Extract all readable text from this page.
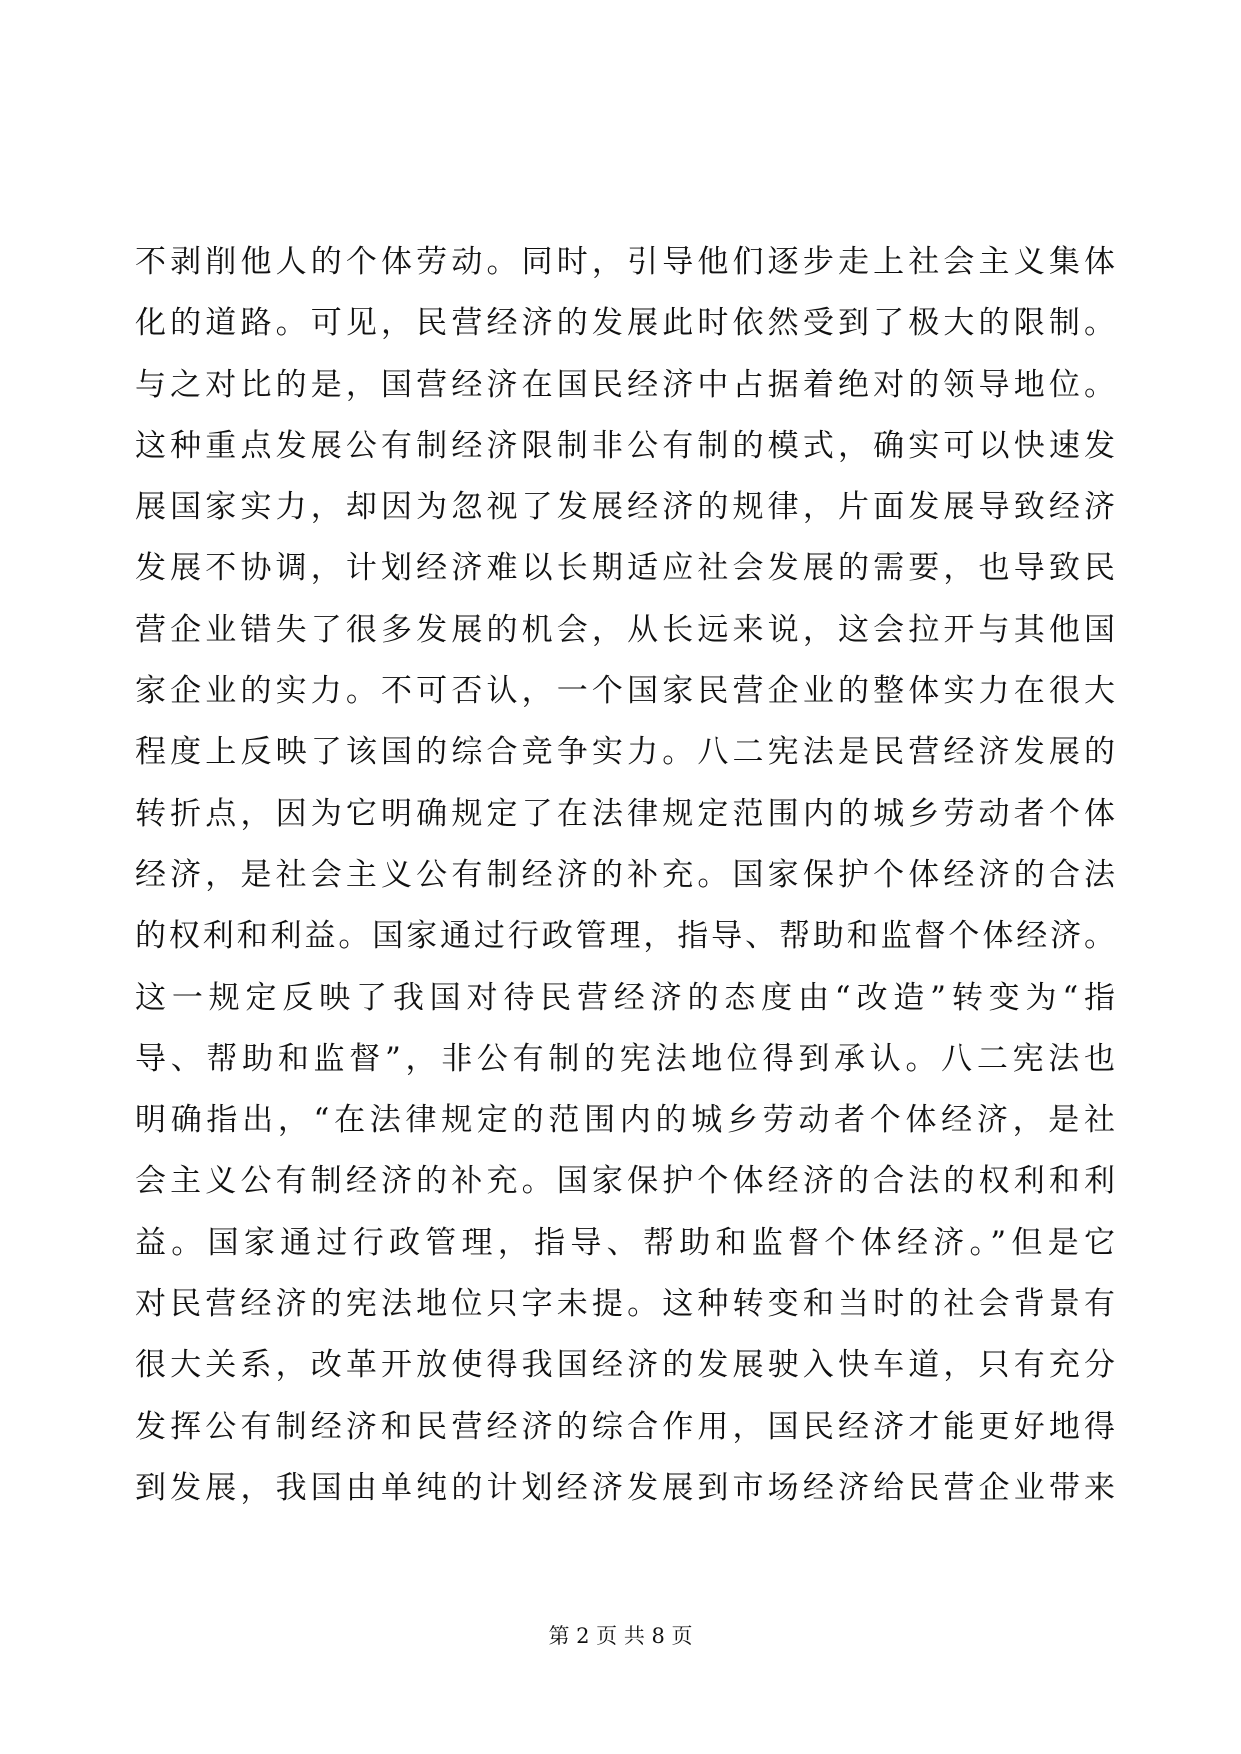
不剥削他人的个体劳动。同时，引导他们逐步走上社会主义集体
化的道路。可见，民营经济的发展此时依然受到了极大的限制。
与之对比的是，国营经济在国民经济中占据着绝对的领导地位。
这种重点发展公有制经济限制非公有制的模式，确实可以快速发
展国家实力，却因为忽视了发展经济的规律，片面发展导致经济
发展不协调，计划经济难以长期适应社会发展的需要，也导致民
营企业错失了很多发展的机会，从长远来说，这会拉开与其他国
家企业的实力。不可否认，一个国家民营企业的整体实力在很大
程度上反映了该国的综合竞争实力。八二宪法是民营经济发展的
转折点，因为它明确规定了在法律规定范围内的城乡劳动者个体
经济，是社会主义公有制经济的补充。国家保护个体经济的合法
的权利和利益。国家通过行政管理，指导、帮助和监督个体经济。
这一规定反映了我国对待民营经济的态度由“改造”转变为“指
导、帮助和监督”，非公有制的宪法地位得到承认。八二宪法也
明确指出，“在法律规定的范围内的城乡劳动者个体经济，是社
会主义公有制经济的补充。国家保护个体经济的合法的权利和利
益。国家通过行政管理，指导、帮助和监督个体经济。”但是它
对民营经济的宪法地位只字未提。这种转变和当时的社会背景有
很大关系，改革开放使得我国经济的发展驶入快车道，只有充分
发挥公有制经济和民营经济的综合作用，国民经济才能更好地得
到发展，我国由单纯的计划经济发展到市场经济给民营企业带来
第 2 页 共 8 页
